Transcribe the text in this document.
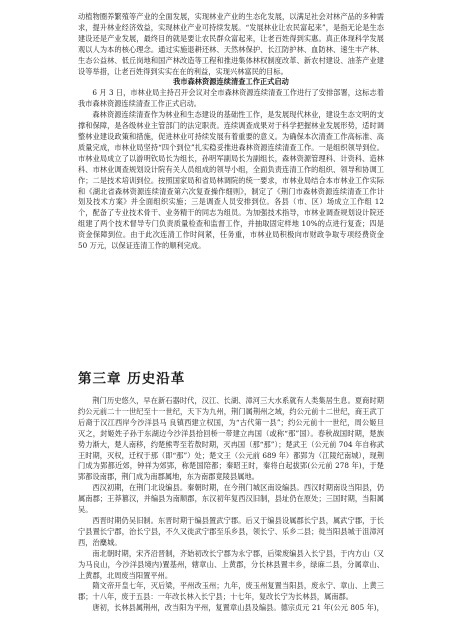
动植物圈养繁殖等产业的全面发展，实现林业产业的生态化发展，以满足社会对林产品的多种需求，提升林业经济效益，实现林业产业可持续发展。“发展林业让农民富起来”，是指无论是生态建设还是产业发展，最终目的就是要让农民群众富起来，让老百姓得到实惠。真正体现科学发展观以人为本的核心理念。通过实施退耕还林、天然林保护、长江防护林、血防林、速生丰产林、生态公益林、低丘岗地和国产林改造等工程和推进集体林权制度改革、新农村建设、油茶产业建设等举措，让老百姓得到实实在在的利益，实现兴林富民的目标。

我市森林资源连续清查工作正式启动

6 月 3 日，市林业局主持召开会议对全市森林资源连续清查工作进行了安排部署，这标志着我市森林资源连续清查工作正式启动。

森林资源连续清查作为林业和生态建设的基础性工作，是发展现代林业，建设生态文明的支撑和保障，是各级林业主管部门的法定职责。连续调查成果对于科学把握林业发展形势，适时调整林业建设政策和措施，促进林业可持续发展有着重要的意义。为确保本次清查工作高标准、高质量完成，市林业局坚持“四个到位”扎实稳妥推进森林资源连续清查工作。一是组织领导到位。市林业局成立了以游明钦局长为组长，孙明军副局长为副组长，森林资源管理科、计资科、造林科、市林业调查规划设计院有关人员组成的领导小组，全面负责连清工作的组织、领导和协调工作；二是技术培训到位。按照国家局和省局林调院的统一要求，市林业局结合本市林业工作实际和《湖北省森林资源连续清查第六次复查操作细则》，制定了《荆门市森林资源连续清查工作计划及技术方案》并全面组织实施；三是调查人员安排到位。各县（市、区）场成立工作组 12 个，配备了专业技术骨干、业务精干的同志为组员。为加强技术指导，市林业调查规划设计院还组建了两个技术督导专门负责质量检查和监督工作，并抽取固定样地 10%的点进行复查；四是资金保障到位。由于此次连清工作时间紧，任务重，市林业局积极向市财政争取专项经费资金 50 万元，以保证连清工作的顺利完成。

第三章 历史沿革

荆门历史悠久，早在新石器时代，汉江、长湖、漳河三大水系就有人类集居生息。夏商时期约公元前二十一世纪至十一世纪，天下为九州，荆门属荆州之域，约公元前十二世纪，商王武丁后裔于汉江西岸今沙洋县马 良镇西建立权国，为“古代第一县”；约公元前十一世纪，周公姬旦灭之，封姬姓子孙于东湖边今沙洋县拾回桥一带建立冉国（或称“那”国）。春秋战国时期，楚族势力渐大，楚人南移，约楚熊咢至若敖时期，灭冉国（那“那”）；楚武王（公元前 704 年自称武王时期，灭权，迁权于那（即“那”）处；楚文王（公元前 689 年）都郢为（江陵纪南城），现荆门成为郢都近郊，钟祥为郊郢，称楚国陪都；秦昭王时，秦将白起拔郢(公元前 278 年)，于楚郢都设南郡，荆门成为南郡属地，东为南郡竟陵县属地。

西汉初期，在荆门北设编县。秦朝时期，在今荆门城区南设编县。西汉时期南设当阳县，仍属南郡；王莽篡汉，并编县为南顺郡，东汉初年复西汉旧制，县址仍在原处；三国时期，当阳属吴。

西晋时期仍吴旧制。东晋时期于编县置武宁郡。后又于编县设属郡长宁县，属武宁郡，于长宁县置长宁郡，治长宁县，不久又徙武宁郡至乐乡县，领长宁、乐乡二县；徙当阳县城于沮漳河西，治麋城。

南北朝时期，宋齐沿晋制，齐始初改长宁郡为永宁郡，后梁废编县入长宁县，于内方山（又为马良山，今沙洋县境内)置基州，辖章山、上黄郡，分长林县置丰乡，绿麻二县，分属章山、上黄郡，北周废当阳置平州。

隋文帝开皇七年，灭后梁，平州改玉州；九年，废玉州复置当阳县，废永宁、章山、上黄三郡；十八年，废于五县：一年改长林入长宁县；十七年，复改长宁为长林县，属南郡。

唐初，长林县属荆州，改当阳为平州，复置章山县及编县。德宗贞元 21 年(公元 805 年)，
